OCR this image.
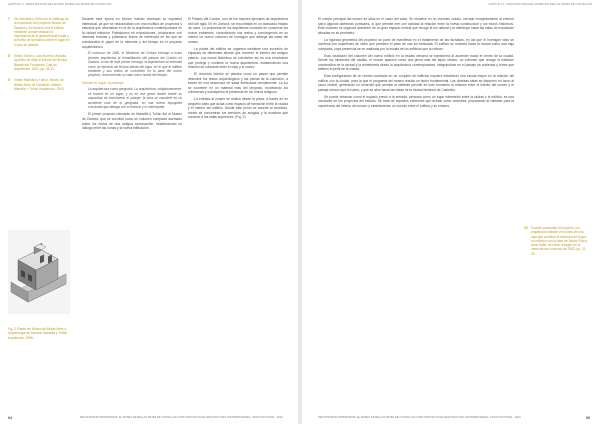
CAPÍTULO 1. ARQUITECTURA DEL MUSEO DE BELLAS ARTES DE CASTELLÓN
7	Ver Mansilla y Tuñón en el catálogo de la exposición del proyecto Museo de Zamora y su relación con el edificio existente, donde señalan la importancia de la geometría del solar y la huella de la historia sobre el lugar en el que se asienta.
8	Emilio Tuñón y Luis Moreno Mansilla, Apuntes de viaje al interior del tiempo, Barcelona: Fundación Caja de Arquitectos, 2002, pp. 34-41.
9	Véase Mansilla y Tuñón, Museo de Bellas Artes de Castellón, Madrid: Mansilla + Tuñón Arquitectos, 2003.
Fig. 2 Planta del Museo de Bellas Artes y Arqueología de Zamora, Mansilla y Tuñón Arquitectos, 1996.

Durante esta época en Moneo habían mostrado su inquietud intelectual, ya que se relacionaban con una multitud de proyectos y estudios que abordaban el rol de la arquitectura contemporánea en la ciudad histórica. Participaron en exposiciones, colaboraron con diversas revistas y publicaron textos de referencia en los que se cuestionaba el papel de la memoria y del tiempo en el proyecto arquitectónico.

El concurso de 1990, el Ministerio de Cultura encargó a estos jóvenes arquitectos la rehabilitación del palacio del Cordón en Zamora. A raíz de este primer encargo, la arquitectura se entendió como un ejercicio de lectura atenta del lugar, en el que el edificio existente y sus restos se convierten en la base del nuevo proyecto, reconociendo su valor como huella del tiempo.
Desde el lugar al paisaje
La arquitectura como geografía. La arquitectura, obligatoriamente, se inserta en un lugar, y es en ese gesto donde reside su capacidad de transformar el paisaje: la obra se convierte en un accidente más de la geografía, en una nueva topografía construida que dialoga con el entorno y lo reinterpreta.

El primer proyecto relevante de Mansilla y Tuñón fue el Museo de Zamora, que se concibió como un volumen compacto asentado sobre los restos de una antigua construcción, estableciendo un diálogo entre las ruinas y la nueva edificación.

El Palacio del Cordón, uno de los mejores ejemplos de arquitectura civil del siglo XV en Zamora, se encontraba en un avanzado estado de ruina. La propuesta de los arquitectos consistió en conservar los muros existentes, consolidando sus restos y construyendo en su interior un nuevo volumen de hormigón que alberga las salas del museo.

La planta del edificio se organiza mediante una sucesión de espacios de diferentes alturas que recorren el interior del antiguo palacio. Los muros históricos se convierten así en una envolvente que protege y contiene la nueva arquitectura, estableciendo una relación de contraste entre lo viejo y lo nuevo.

El recorrido interior se plantea como un paseo que permite descubrir los restos arqueológicos y las piezas de la colección, a través de una secuencia de salas iluminadas cenitalmente. La luz se convierte en un material más del proyecto, modelando los volúmenes y subrayando la presencia de los muros antiguos.

La entrada al museo se realiza desde la plaza, a través de un pequeño patio que actúa como espacio de transición entre la ciudad y el interior del edificio. Desde este punto se accede al vestíbulo, donde se concentran los servicios de acogida y la escalera que conduce a las salas superiores. (Fig. 2)

84	RECONSTRUIR PATRIMONIOS: EL MUSEO DE BELLAS ARTES DE CASTELLÓN COMO PROYECTO DE ARQUITECTURA CONTEMPORÁNEA. TESIS DOCTORAL · 2024
CAPÍTULO 1. ARQUITECTURA DEL MUSEO DE BELLAS ARTES DE CASTELLÓN

El cuerpo principal del museo se sitúa en el vacío del solar. Se resuelve en un volumen cúbico, cerrado completamente al exterior salvo algunas aberturas puntuales, lo que permite leer con claridad la relación entre la nueva construcción y los muros históricos. Este volumen se organiza alrededor de un gran espacio central que recoge la luz natural y la distribuye hacia las salas de exposición situadas en su perímetro.

La rigurosa geometría del proyecto se pone de manifiesto en el tratamiento de las fachadas, en las que el hormigón visto se combina con superficies de vidrio que permiten el paso de una luz tamizada. El edificio se muestra hacia la ciudad como una caja compacta, cuya presencia se ve matizada por la escala de los edificios que la rodean.

Esta ocultación del volumen del nuevo edificio en la escala cercana se transforma al ascender hacia el centro de la ciudad. Desde los miradores del castillo, el museo aparece como una pieza más del tejido urbano, un volumen que recoge la tradición constructiva de la ciudad y la reinterpreta desde la arquitectura contemporánea, integrándose en el paisaje de cubiertas y torres que definen el perfil de la ciudad.

Esta configuración de un recinto cuadrado en un conjunto de edificios requiere establecer una escala mayor en la relación del edificio con la ciudad, para la que el programa del museo resulta un factor fundamental. Las distintas salas se disponen en torno al vacío central, generando un recorrido que permite al visitante percibir en todo momento la relación entre el interior del museo y el paisaje urbano que lo rodea, y que se abre hacia las vistas de la ciudad histórica de Castellón.

Se puede observar cómo el espacio previo a la entrada, pensado como un lugar intermedio entre la ciudad y el edificio, es una constante en los proyectos del estudio. Se trata de espacios exteriores que actúan como umbrales, preparando al visitante para la experiencia del interior del museo y estableciendo un vínculo entre el edificio y su entorno.

10	Cuando presentan el proyecto, los arquitectos insisten en la idea de una caja que contiene la memoria del lugar, en relación con la obra de Álvaro Siza y Alvar Aalto, tal como recogen en la memoria del concurso de 2003, pp. 22-25.
RECONSTRUIR PATRIMONIOS: EL MUSEO DE BELLAS ARTES DE CASTELLÓN COMO PROYECTO DE ARQUITECTURA CONTEMPORÁNEA. TESIS DOCTORAL · 2024	85
